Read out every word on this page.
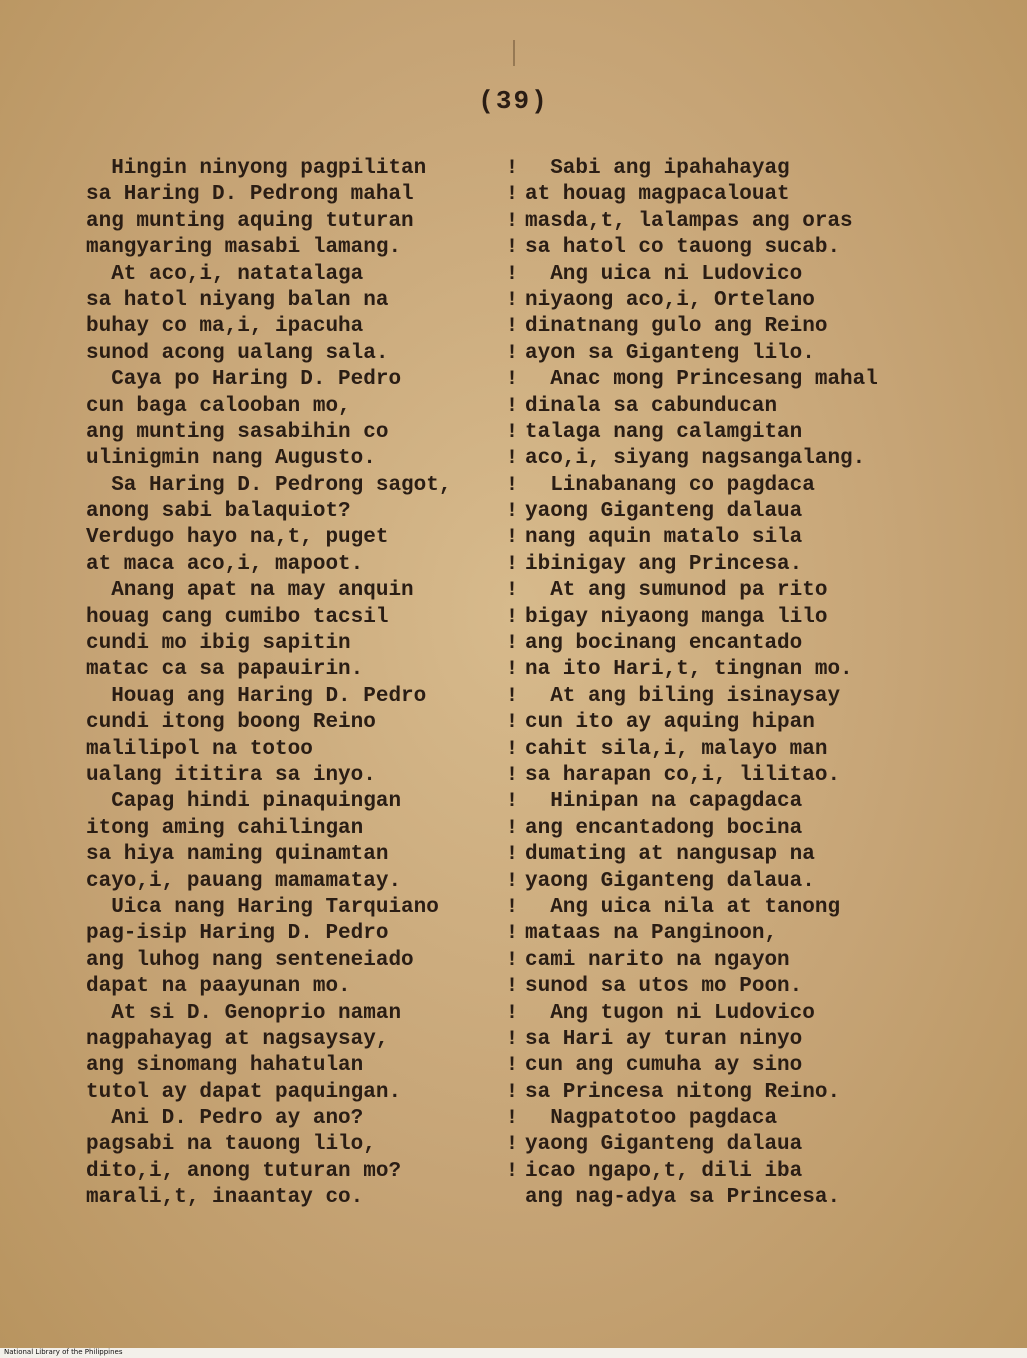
(39)
Hingin ninyong pagpilitan
sa Haring D. Pedrong mahal
ang munting aquing tuturan
mangyaring masabi lamang.
At aco,i, natatalaga
sa hatol niyang balan na
buhay co ma,i, ipacuha
sunod acong ualang sala.
Caya po Haring D. Pedro
cun baga calooban mo,
ang munting sasabihin co
ulinigmin nang Augusto.
Sa Haring D. Pedrong sagot,
anong sabi balaquiot?
Verdugo hayo na,t, puget
at maca aco,i, mapoot.
Anang apat na may anquin
houag cang cumibo tacsil
cundi mo ibig sapitin
matac ca sa papauirin.
Houag ang Haring D. Pedro
cundi itong boong Reino
malilipol na totoo
ualang ititira sa inyo.
Capag hindi pinaquingan
itong aming cahilingan
sa hiya naming quinamtan
cayo,i, pauang mamamatay.
Uica nang Haring Tarquiano
pag-isip Haring D. Pedro
ang luhog nang senteneiado
dapat na paayunan mo.
At si D. Genoprio naman
nagpahayag at nagsaysay,
ang sinomang hahatulan
tutol ay dapat paquingan.
Ani D. Pedro ay ano?
pagsabi na tauong lilo,
dito,i, anong tuturan mo?
marali,t, inaantay co.
!
!
!
!
!
!
!
!
!
!
!
!
!
!
!
!
!
!
!
!
!
!
!
!
!
!
!
!
!
!
!
!
!
!
!
!
!
!
!
Sabi ang ipahahayag
at houag magpacalouat
masda,t, lalampas ang oras
sa hatol co tauong sucab.
Ang uica ni Ludovico
niyaong aco,i, Ortelano
dinatnang gulo ang Reino
ayon sa Giganteng lilo.
Anac mong Princesang mahal
dinala sa cabunducan
talaga nang calamgitan
aco,i, siyang nagsangalang.
Linabanang co pagdaca
yaong Giganteng dalaua
nang aquin matalo sila
ibinigay ang Princesa.
At ang sumunod pa rito
bigay niyaong manga lilo
ang bocinang encantado
na ito Hari,t, tingnan mo.
At ang biling isinaysay
cun ito ay aquing hipan
cahit sila,i, malayo man
sa harapan co,i, lilitao.
Hinipan na capagdaca
ang encantadong bocina
dumating at nangusap na
yaong Giganteng dalaua.
Ang uica nila at tanong
mataas na Panginoon,
cami narito na ngayon
sunod sa utos mo Poon.
Ang tugon ni Ludovico
sa Hari ay turan ninyo
cun ang cumuha ay sino
sa Princesa nitong Reino.
Nagpatotoo pagdaca
yaong Giganteng dalaua
icao ngapo,t, dili iba
ang nag-adya sa Princesa.
National Library of the Philippines
